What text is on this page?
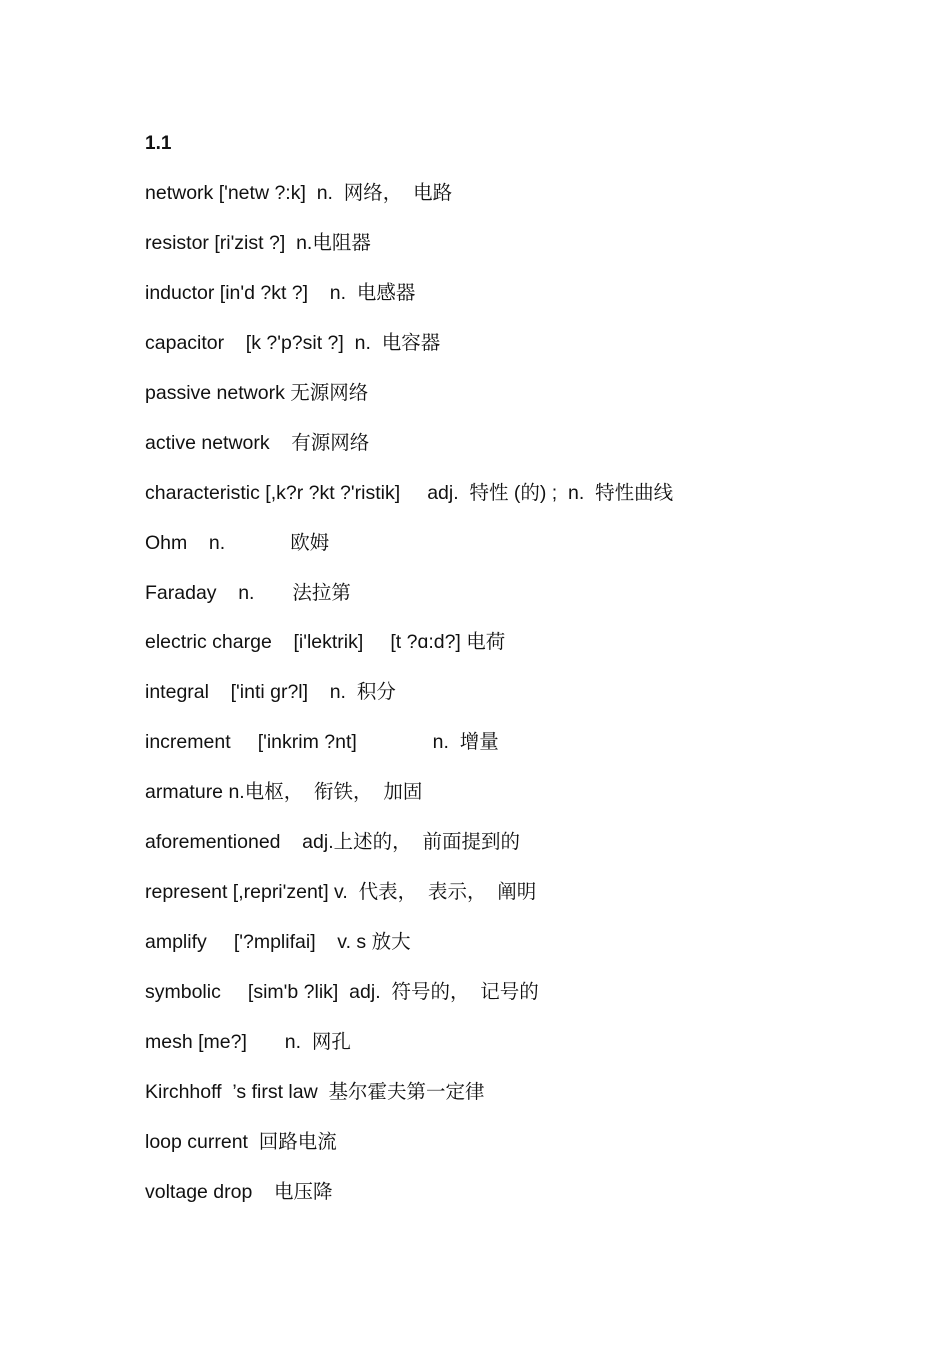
1.1
network ['netw ?:k]  n.  网络，  电路
resistor [ri'zist ?]  n.电阻器
inductor [in'd ?kt ?]    n.  电感器
capacitor    [k ?'p?sit ?]  n.  电容器
passive network 无源网络
active network    有源网络
characteristic [,k?r ?kt ?'ristik]     adj.  特性 (的) ;  n.  特性曲线
Ohm    n.            欧姆
Faraday    n.       法拉第
electric charge    [i'lektrik]     [t ?ɑ:d?] 电荷
integral    ['inti gr?l]    n.  积分
increment     ['inkrim ?nt]              n.  增量
armature n.电枢，  衔铁，  加固
aforementioned    adj.上述的，  前面提到的
represent [,repri'zent] v.  代表，  表示，  阐明
amplify     ['?mplifai]    v. s 放大
symbolic     [sim'b ?lik]  adj.  符号的，  记号的
mesh [me?]       n.  网孔
Kirchhoff  ’s first law  基尔霍夫第一定律
loop current  回路电流
voltage drop    电压降
